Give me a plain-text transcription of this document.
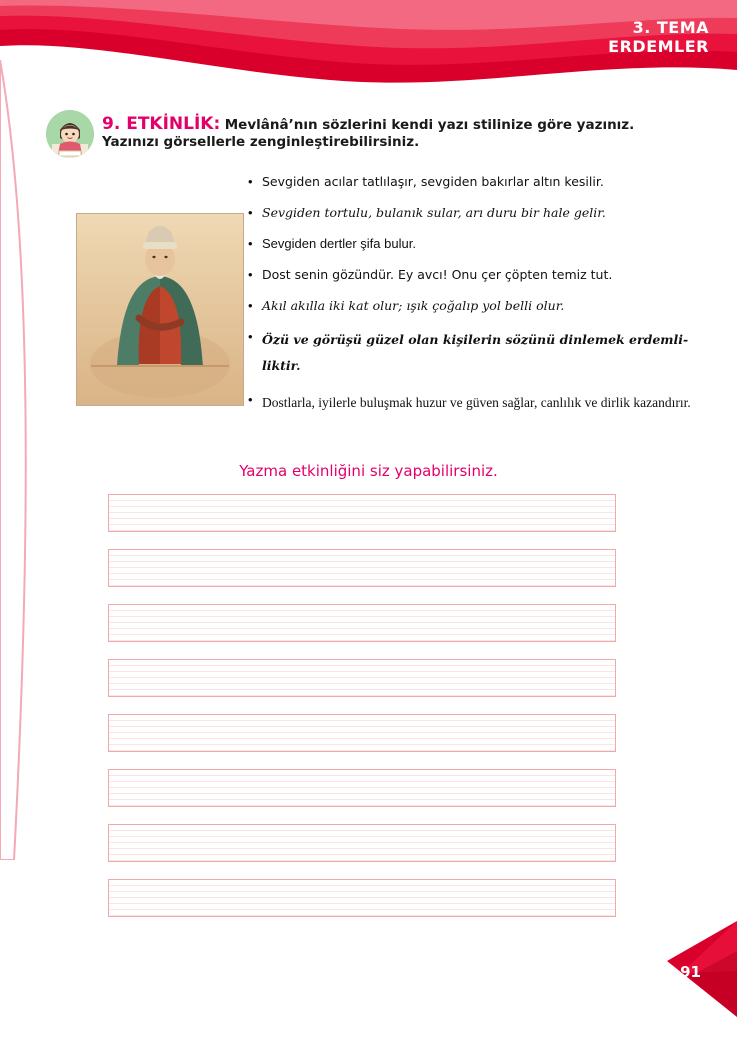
3. TEMA
ERDEMLER
9. ETKİNLİK: Mevlânâ’nın sözlerini kendi yazı stilinize göre yazınız.
Yazınızı görsellerle zenginleştirebilirsiniz.
• Sevgiden acılar tatlılaşır, sevgiden bakırlar altın kesilir.
• Sevgiden tortulu, bulanık sular, arı duru bir hale gelir.
• Sevgiden dertler şifa bulur.
• Dost senin gözündür. Ey avcı! Onu çer çöpten temiz tut.
• Akıl akılla iki kat olur; ışık çoğalıp yol belli olur.
• Özü ve görüşü güzel olan kişilerin sözünü dinlemek erdemli-liktir.
• Dostlarla, iyilerle buluşmak huzur ve güven sağlar, canlılık ve dirlik kazandırır.
Yazma etkinliğini siz yapabilirsiniz.
91
